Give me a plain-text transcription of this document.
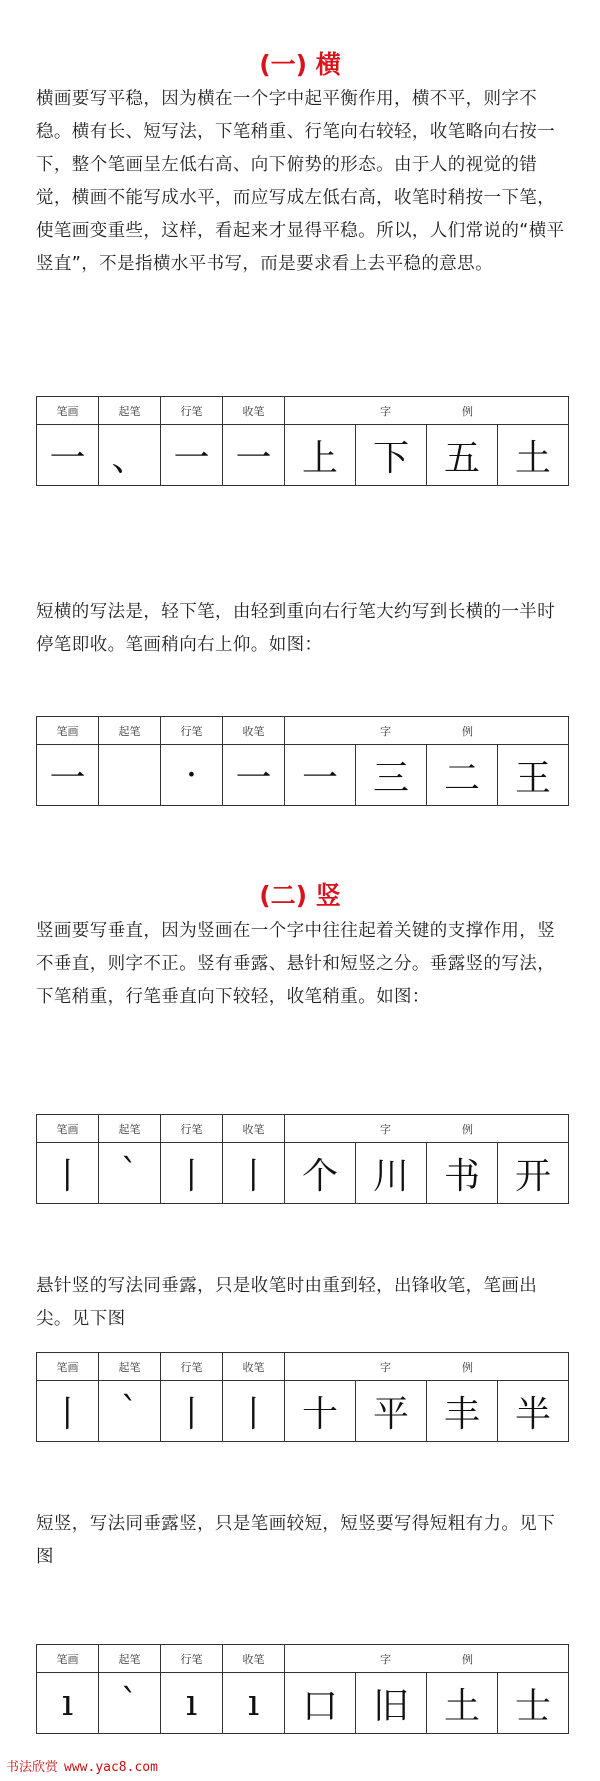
(一) 横

横画要写平稳，因为横在一个字中起平衡作用，横不平，则字不稳。横有长、短写法，下笔稍重、行笔向右较轻，收笔略向右按一下，整个笔画呈左低右高、向下俯势的形态。由于人的视觉的错觉，横画不能写成水平，而应写成左低右高，收笔时稍按一下笔，使笔画变重些，这样，看起来才显得平稳。所以，人们常说的“横平竖直”，不是指横水平书写，而是要求看上去平稳的意思。

笔画	起笔	行笔	收笔	字　例			
一	、	一	一	上	下	五	土

短横的写法是，轻下笔，由轻到重向右行笔大约写到长横的一半时停笔即收。笔画稍向右上仰。如图：

笔画	起笔	行笔	收笔	字　例			
一		·	一	一	三	二	王
(二) 竖

竖画要写垂直，因为竖画在一个字中往往起着关键的支撑作用，竖不垂直，则字不正。竖有垂露、悬针和短竖之分。垂露竖的写法，下笔稍重，行笔垂直向下较轻，收笔稍重。如图：

笔画	起笔	行笔	收笔	字　例			
丨	ˋ	丨	丨	个	川	书	开

悬针竖的写法同垂露，只是收笔时由重到轻，出锋收笔，笔画出尖。见下图

笔画	起笔	行笔	收笔	字　例			
丨	ˋ	丨	丨	十	平	丰	半

短竖，写法同垂露竖，只是笔画较短，短竖要写得短粗有力。见下图

笔画	起笔	行笔	收笔	字　例			
ı	ˋ	ı	ı	口	旧	土	士
书法欣赏 www.yac8.com
